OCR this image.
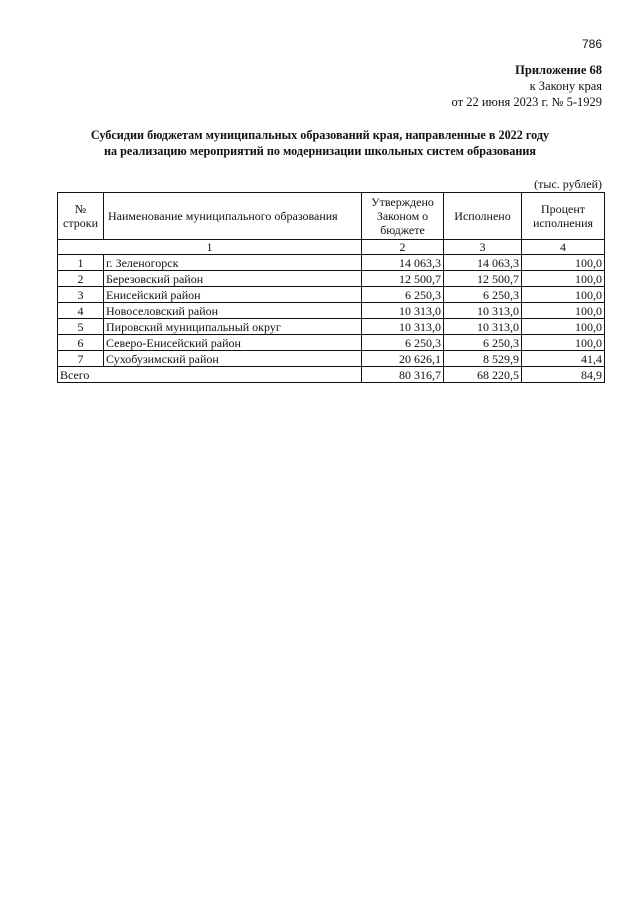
786
Приложение 68
к Закону края
от 22 июня 2023 г. № 5-1929
Субсидии бюджетам муниципальных образований края, направленные в 2022 году
на реализацию мероприятий по модернизации школьных систем образования
(тыс. рублей)
№ строки	Наименование муниципального образования	Утверждено Законом о бюджете	Исполнено	Процент исполнения
1		2	3	4
1	г. Зеленогорск	14 063,3	14 063,3	100,0
2	Березовский район	12 500,7	12 500,7	100,0
3	Енисейский район	6 250,3	6 250,3	100,0
4	Новоселовский район	10 313,0	10 313,0	100,0
5	Пировский муниципальный округ	10 313,0	10 313,0	100,0
6	Северо-Енисейский район	6 250,3	6 250,3	100,0
7	Сухобузимский район	20 626,1	8 529,9	41,4
Всего		80 316,7	68 220,5	84,9
